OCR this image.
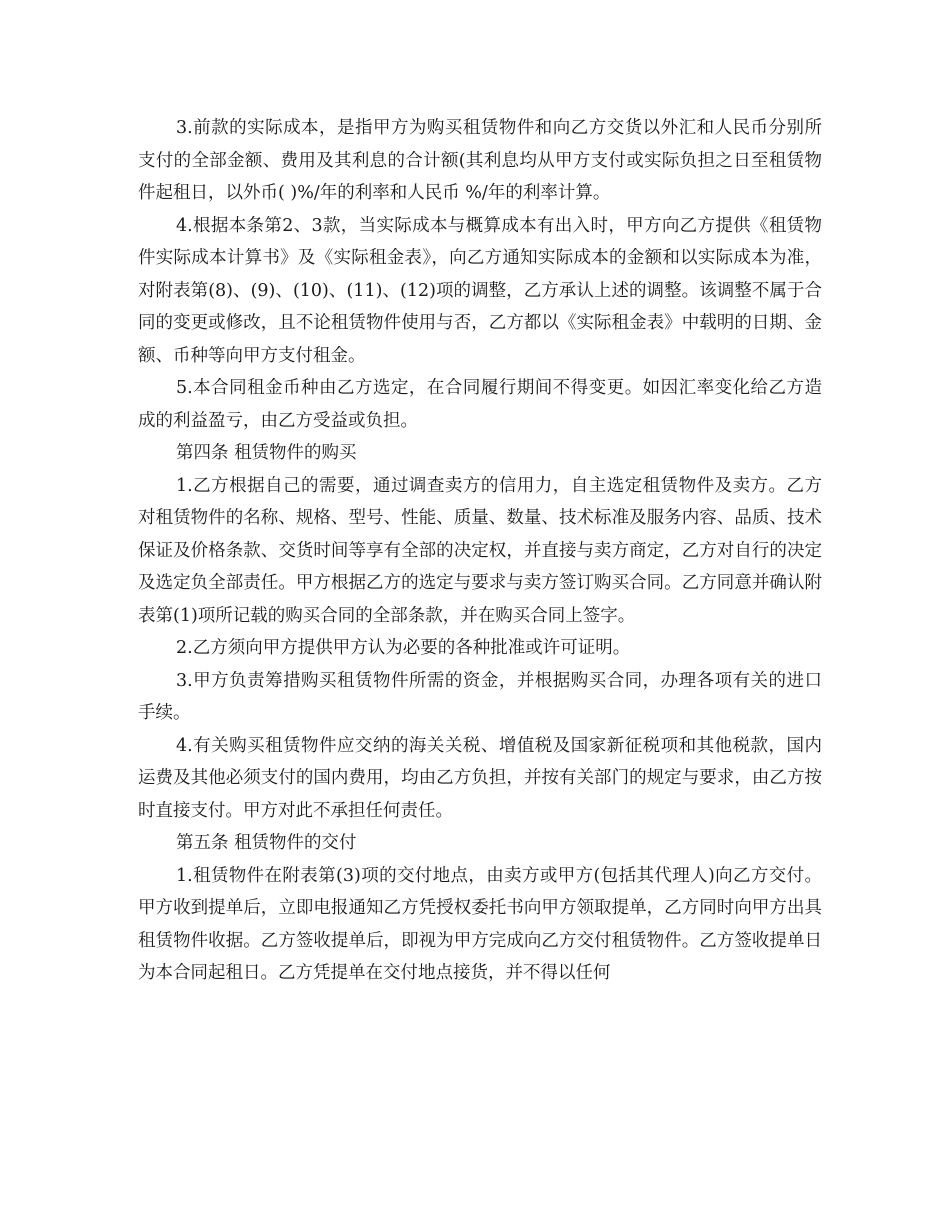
3.前款的实际成本，是指甲方为购买租赁物件和向乙方交货以外汇和人民币分别所支付的全部金额、费用及其利息的合计额(其利息均从甲方支付或实际负担之日至租赁物件起租日，以外币( )%/年的利率和人民币 %/年的利率计算。

4.根据本条第2、3款，当实际成本与概算成本有出入时，甲方向乙方提供《租赁物件实际成本计算书》及《实际租金表》，向乙方通知实际成本的金额和以实际成本为准，对附表第(8)、(9)、(10)、(11)、(12)项的调整，乙方承认上述的调整。该调整不属于合同的变更或修改，且不论租赁物件使用与否，乙方都以《实际租金表》中载明的日期、金额、币种等向甲方支付租金。

5.本合同租金币种由乙方选定，在合同履行期间不得变更。如因汇率变化给乙方造成的利益盈亏，由乙方受益或负担。

第四条 租赁物件的购买

1.乙方根据自己的需要，通过调查卖方的信用力，自主选定租赁物件及卖方。乙方对租赁物件的名称、规格、型号、性能、质量、数量、技术标准及服务内容、品质、技术保证及价格条款、交货时间等享有全部的决定权，并直接与卖方商定，乙方对自行的决定及选定负全部责任。甲方根据乙方的选定与要求与卖方签订购买合同。乙方同意并确认附表第(1)项所记载的购买合同的全部条款，并在购买合同上签字。

2.乙方须向甲方提供甲方认为必要的各种批准或许可证明。

3.甲方负责筹措购买租赁物件所需的资金，并根据购买合同，办理各项有关的进口手续。

4.有关购买租赁物件应交纳的海关关税、增值税及国家新征税项和其他税款，国内运费及其他必须支付的国内费用，均由乙方负担，并按有关部门的规定与要求，由乙方按时直接支付。甲方对此不承担任何责任。

第五条 租赁物件的交付

1.租赁物件在附表第(3)项的交付地点，由卖方或甲方(包括其代理人)向乙方交付。甲方收到提单后，立即电报通知乙方凭授权委托书向甲方领取提单，乙方同时向甲方出具租赁物件收据。乙方签收提单后，即视为甲方完成向乙方交付租赁物件。乙方签收提单日为本合同起租日。乙方凭提单在交付地点接货，并不得以任何
